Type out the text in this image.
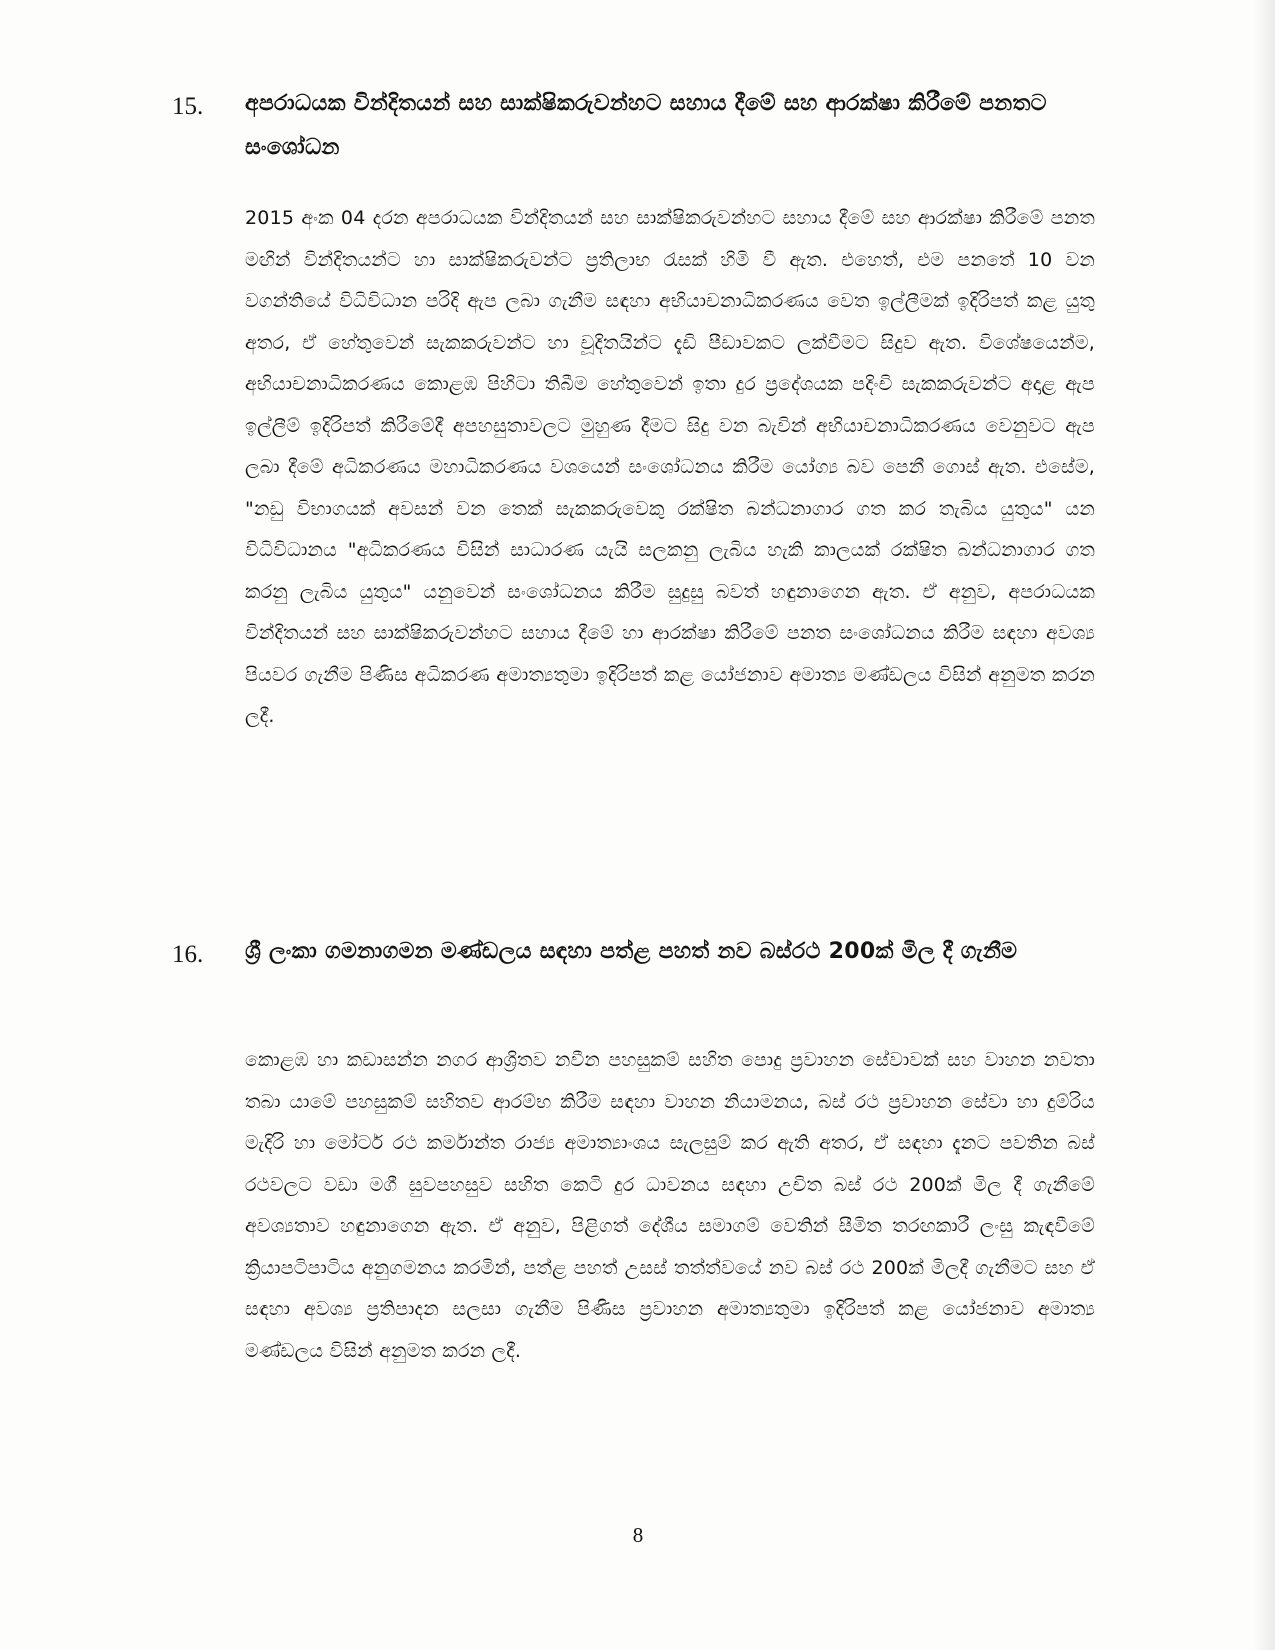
15. අපරාධයක වින්දිතයන් සහ සාක්ෂිකරුවන්හට සහාය දීමේ සහ ආරක්ෂා කිරීමේ පනතට සංශෝධන
2015 අංක 04 දරන අපරාධයක වින්දිතයන් සහ සාක්ෂිකරුවන්හට සහාය දීමේ සහ ආරක්ෂා කිරීමේ පනත මඟින් වින්දිතයන්ට හා සාක්ෂිකරුවන්ට ප්‍රතිලාභ රැසක් හිමි වී ඇත. එහෙත්, එම පනතේ 10 වන වගන්තියේ විධිවිධාන පරිදි ඇප ලබා ගැනීම සඳහා අභියාචනාධිකරණය වෙත ඉල්ලීමක් ඉදිරිපත් කළ යුතු අතර, ඒ හේතුවෙන් සැකකරුවන්ට හා චූදිතයින්ට දැඩි පීඩාවකට ලක්වීමට සිදුව ඇත. විශේෂයෙන්ම, අභියාචනාධිකරණය කොළඹ පිහිටා තිබීම හේතුවෙන් ඉතා දුර ප්‍රදේශයක පදිංචි සැකකරුවන්ට අදාළ ඇප ඉල්ලීම් ඉදිරිපත් කිරීමේදී අපහසුතාවලට මුහුණ දීමට සිදු වන බැවින් අභියාචනාධිකරණය වෙනුවට ඇප ලබා දීමේ අධිකරණය මහාධිකරණය වශයෙන් සංශෝධනය කිරීම යෝග්‍ය බව පෙනී ගොස් ඇත. එසේම, "නඩු විභාගයක් අවසන් වන තෙක් සැකකරුවෙකු රක්ෂිත බන්ධනාගාර ගත කර තැබිය යුතුය" යන විධිවිධානය "අධිකරණය විසින් සාධාරණ යැයි සලකනු ලැබිය හැකි කාලයක් රක්ෂිත බන්ධනාගාර ගත කරනු ලැබිය යුතුය" යනුවෙන් සංශෝධනය කිරීම සුදුසු බවත් හඳුනාගෙන ඇත. ඒ අනුව, අපරාධයක වින්දිතයන් සහ සාක්ෂිකරුවන්හට සහාය දීමේ හා ආරක්ෂා කිරීමේ පනත සංශෝධනය කිරීම සඳහා අවශ්‍ය පියවර ගැනීම පිණිස අධිකරණ අමාත්‍යතුමා ඉදිරිපත් කළ යෝජනාව අමාත්‍ය මණ්ඩලය විසින් අනුමත කරන ලදී.
16. ශ්‍රී ලංකා ගමනාගමන මණ්ඩලය සඳහා පත්ළ පහත් නව බස්රථ 200ක් මිල දී ගැනීම
කොළඹ හා කඩාසන්න නගර ආශ්‍රිතව නවීන පහසුකම් සහිත පොදු ප්‍රවාහන සේවාවක් සහ වාහන නවතා තබා යාමේ පහසුකම් සහිතව ආරම්භ කිරීම සඳහා වාහන නියාමනය, බස් රථ ප්‍රවාහන සේවා හා දුම්රිය මැදිරි හා මෝටර් රථ කර්මාන්ත රාජ්‍ය අමාත්‍යාංශය සැලසුම් කර ඇති අතර, ඒ සඳහා දැනට පවතින බස් රථවලට වඩා මගී සුවපහසුව සහිත කෙටි දුර ධාවනය සඳහා උචිත බස් රථ 200ක් මිල දී ගැනීමේ අවශ්‍යතාව හඳුනාගෙන ඇත. ඒ අනුව, පිළිගත් දේශීය සමාගම් වෙතින් සීමිත තරඟකාරී ලංසු කැඳවීමේ ක්‍රියාපටිපාටිය අනුගමනය කරමින්, පත්ළ පහත් උසස් තත්ත්වයේ නව බස් රථ 200ක් මිලදී ගැනීමට සහ ඒ සඳහා අවශ්‍ය ප්‍රතිපාදන සලසා ගැනීම පිණිස ප්‍රවාහන අමාත්‍යතුමා ඉදිරිපත් කළ යෝජනාව අමාත්‍ය මණ්ඩලය විසින් අනුමත කරන ලදී.
8
